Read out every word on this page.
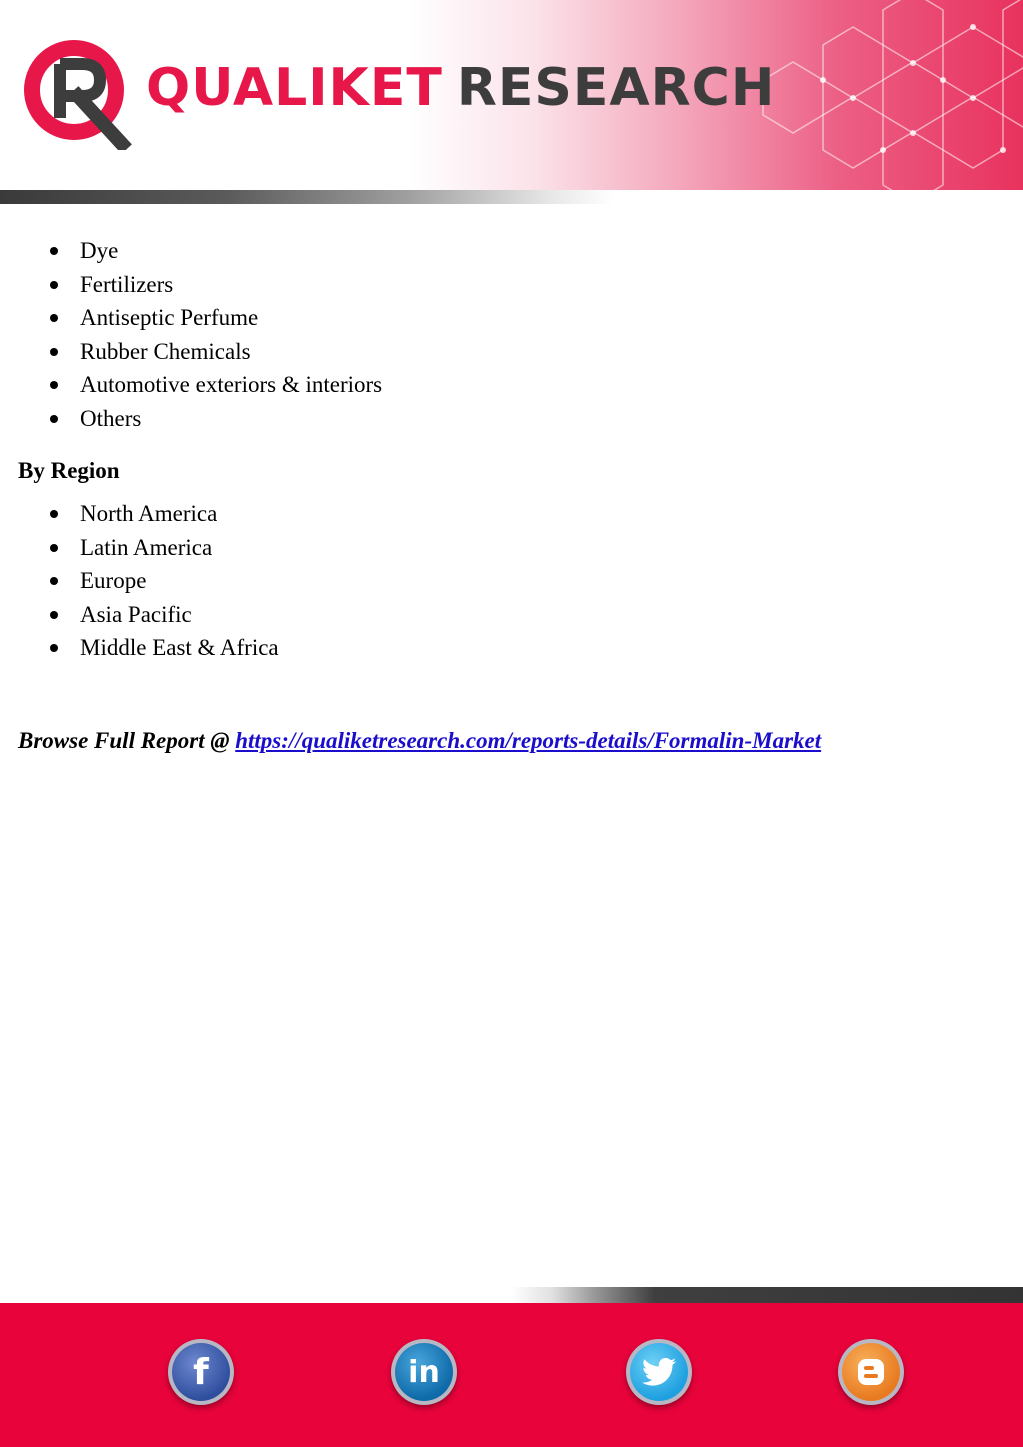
QUALIKET RESEARCH
Dye
Fertilizers
Antiseptic Perfume
Rubber Chemicals
Automotive exteriors & interiors
Others
By Region
North America
Latin America
Europe
Asia Pacific
Middle East & Africa
Browse Full Report @ https://qualiketresearch.com/reports-details/Formalin-Market
f	in
